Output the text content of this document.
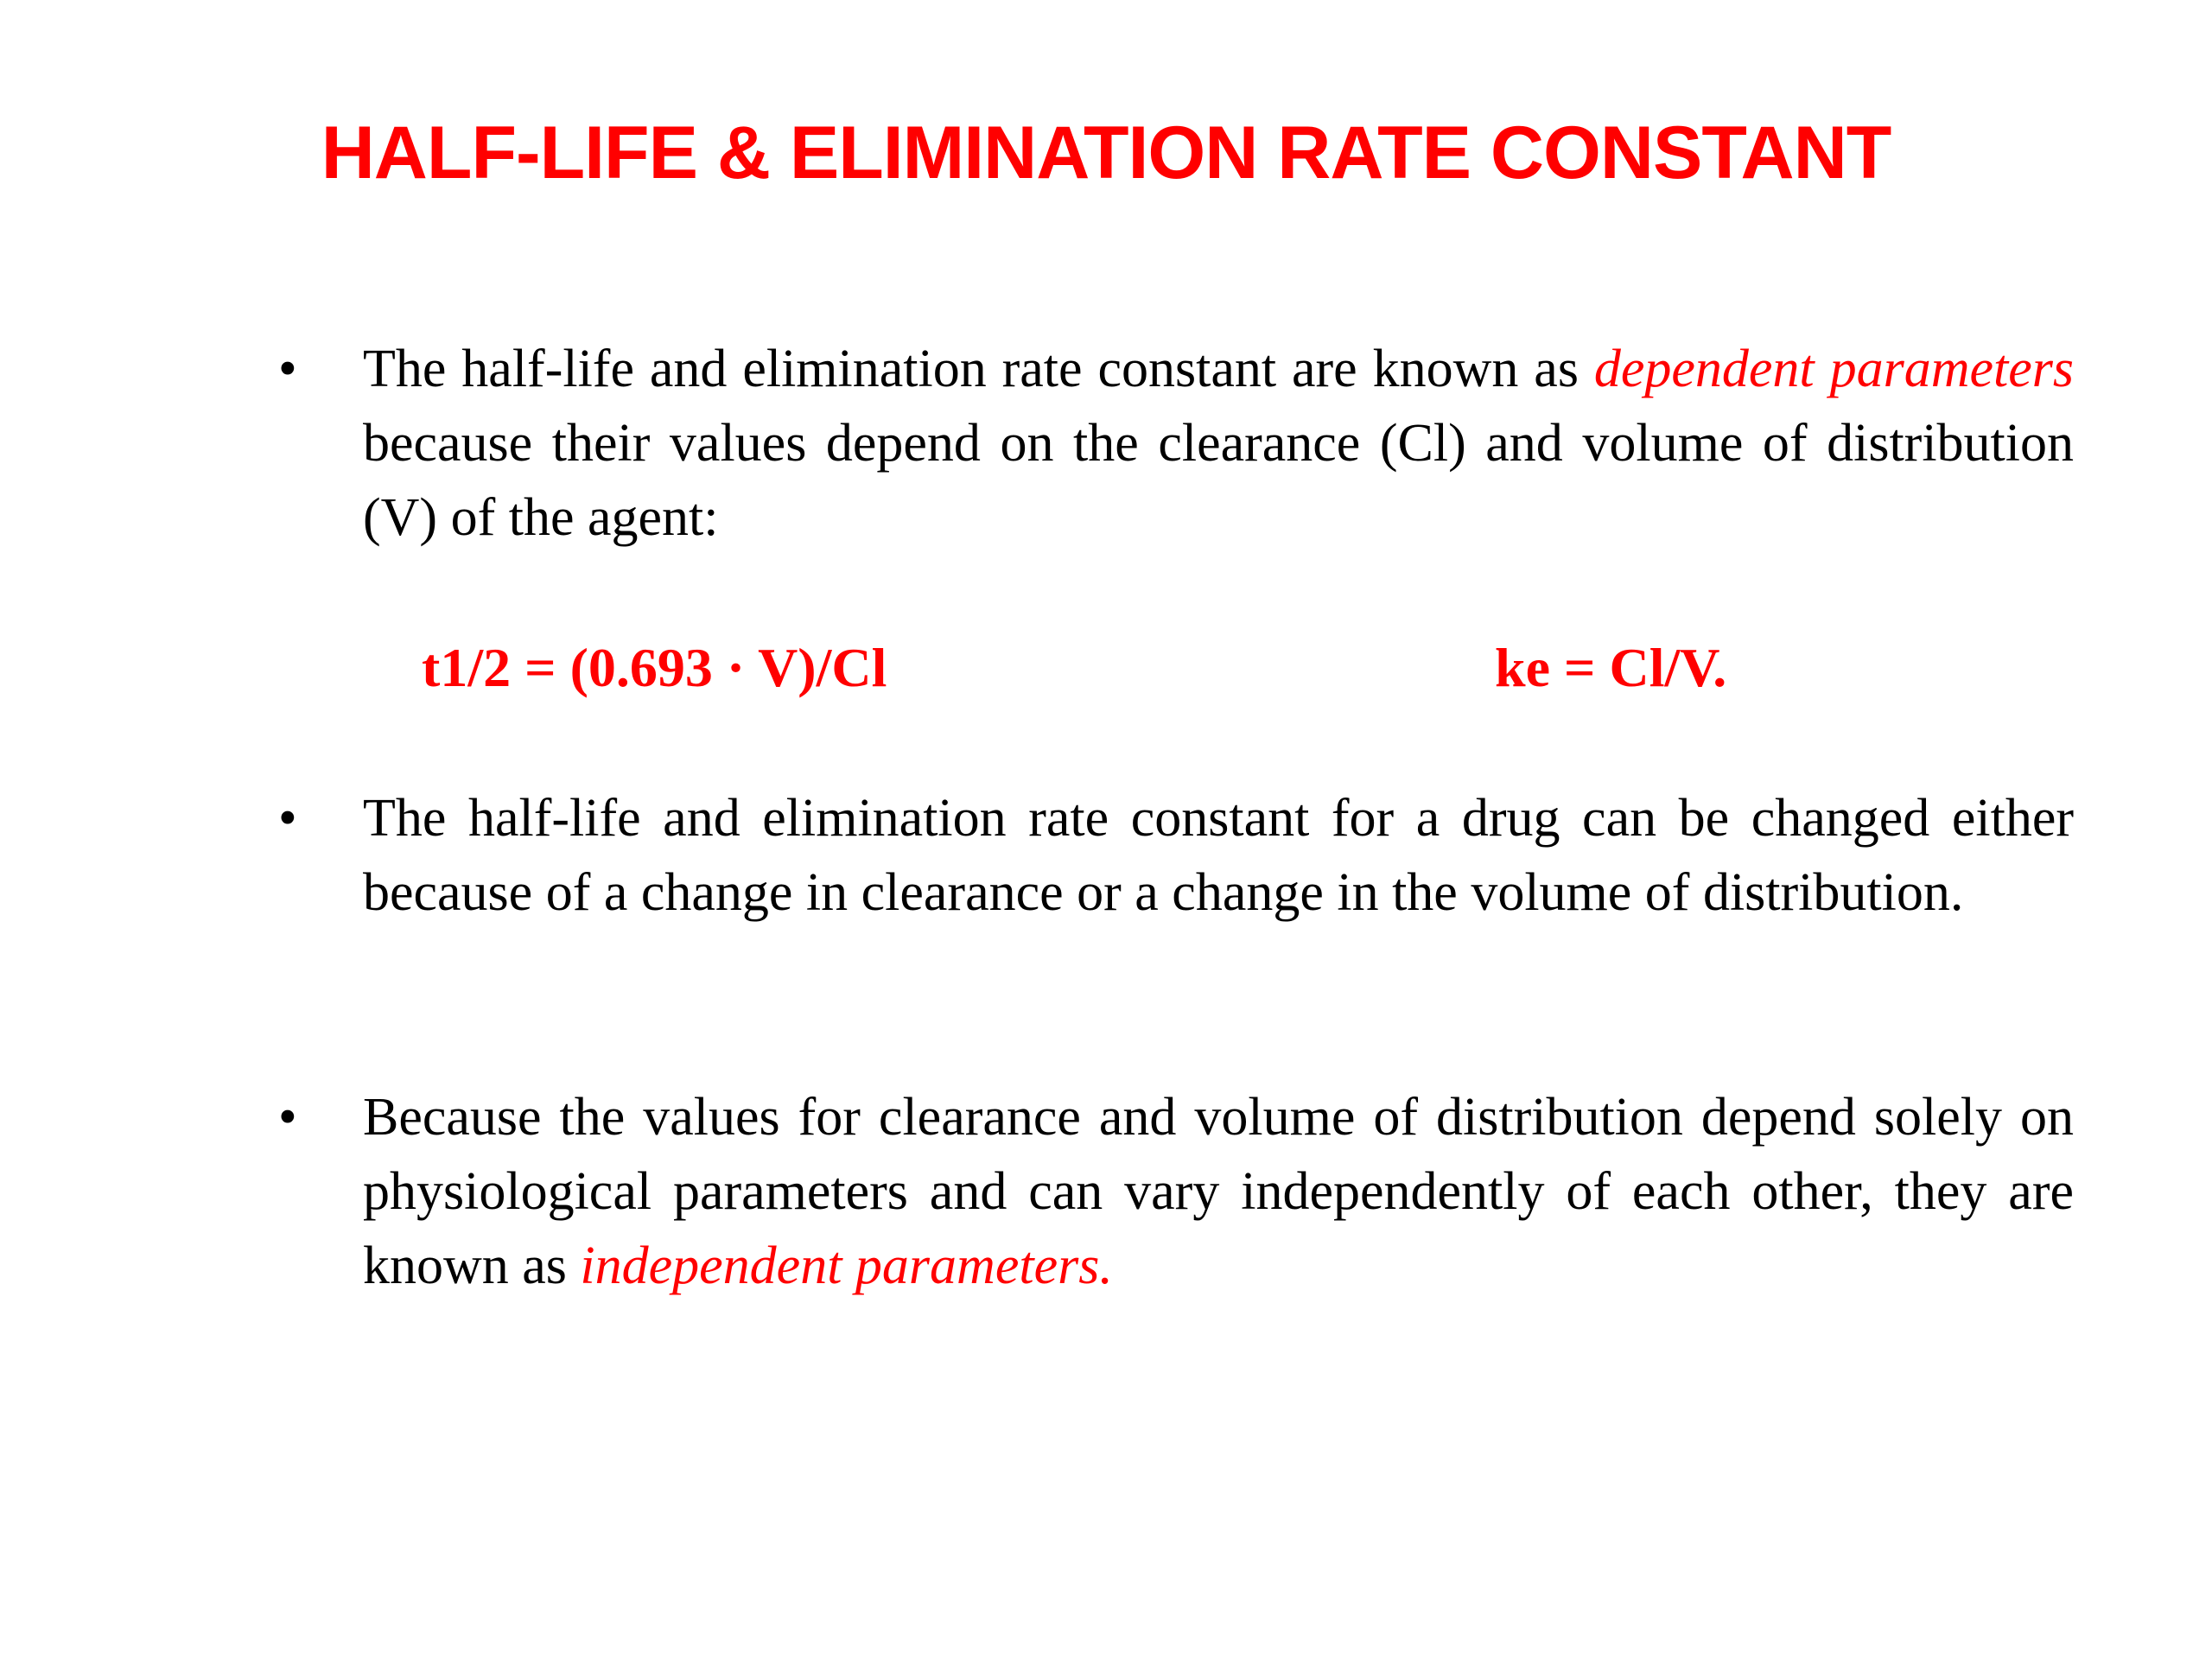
HALF-LIFE & ELIMINATION RATE CONSTANT
• The half-life and elimination rate constant are known as dependent parameters because their values depend on the clearance (Cl) and volume of distribution (V) of the agent:
t1/2 = (0.693 · V)/Cl	ke = Cl/V.
• The half-life and elimination rate constant for a drug can be changed either because of a change in clearance or a change in the volume of distribution.
• Because the values for clearance and volume of distribution depend solely on physiological parameters and can vary independently of each other, they are known as independent parameters.
